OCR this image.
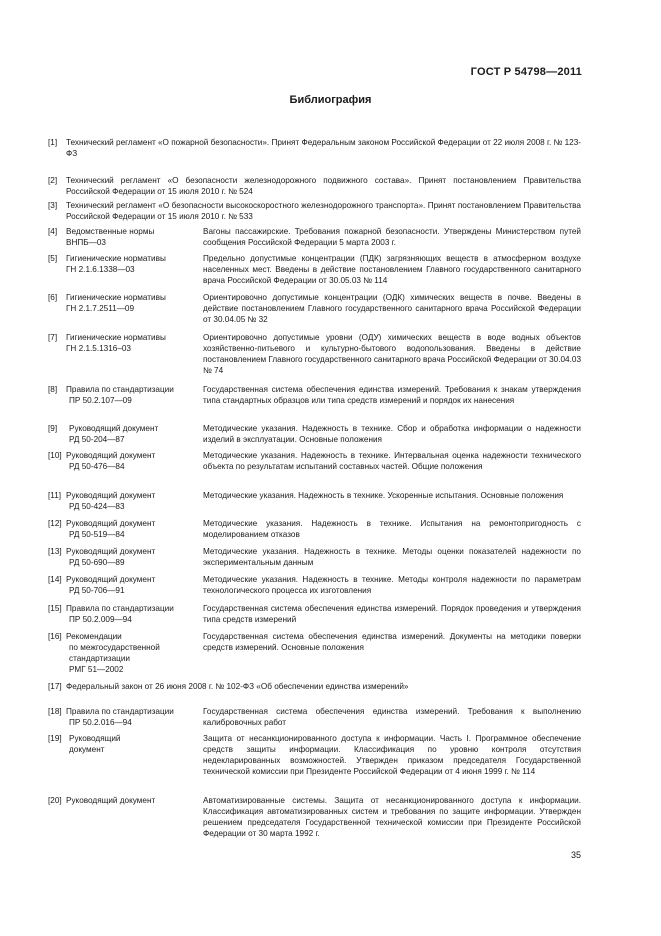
ГОСТ Р 54798—2011
Библиография
[1] Технический регламент «О пожарной безопасности». Принят Федеральным законом Российской Федерации от 22 июля 2008 г. № 123-ФЗ
[2] Технический регламент «О безопасности железнодорожного подвижного состава». Принят постановлением Правительства Российской Федерации от 15 июля 2010 г. № 524
[3] Технический регламент «О безопасности высокоскоростного железнодорожного транспорта». Принят постановлением Правительства Российской Федерации от 15 июля 2010 г. № 533
[4] Ведомственные нормы
ВНПБ—03
Вагоны пассажирские. Требования пожарной безопасности. Утверждены Министерством путей сообщения Российской Федерации 5 марта 2003 г.
[5] Гигиенические нормативы
ГН 2.1.6.1338—03
Предельно допустимые концентрации (ПДК) загрязняющих веществ в атмосферном воздухе населенных мест. Введены в действие постановлением Главного государственного санитарного врача Российской Федерации от 30.05.03 № 114
[6] Гигиенические нормативы
ГН 2.1.7.2511—09
Ориентировочно допустимые концентрации (ОДК) химических веществ в почве. Введены в действие постановлением Главного государственного санитарного врача Российской Федерации от 30.04.05 № 32
[7] Гигиенические нормативы
ГН 2.1.5.1316–03
Ориентировочно допустимые уровни (ОДУ) химических веществ в воде водных объектов хозяйственно-питьевого и культурно-бытового водопользования. Введены в действие постановлением Главного государственного санитарного врача Российской Федерации от 30.04.03 № 74
[8] Правила по стандартизации
ПР 50.2.107—09
Государственная система обеспечения единства измерений. Требования к знакам утверждения типа стандартных образцов или типа средств измерений и порядок их нанесения
[9]	Руководящий документ
РД 50-204—87
Методические указания. Надежность в технике. Сбор и обработка информации о надежности изделий в эксплуатации. Основные положения
[10] Руководящий документ
РД 50-476—84
Методические указания. Надежность в технике. Интервальная оценка надежности технического объекта по результатам испытаний составных частей. Общие положения
[11] Руководящий документ
РД 50-424—83
Методические указания. Надежность в технике. Ускоренные испытания. Основные положения
[12] Руководящий документ
РД 50-519—84
Методические указания. Надежность в технике. Испытания на ремонтопригодность с моделированием отказов
[13] Руководящий документ
РД 50-690—89
Методические указания. Надежность в технике. Методы оценки показателей надежности по экспериментальным данным
[14] Руководящий документ
РД 50-706—91
Методические указания. Надежность в технике. Методы контроля надежности по параметрам технологического процесса их изготовления
[15] Правила по стандартизации
ПР 50.2.009—94
Государственная система обеспечения единства измерений. Порядок проведения и утверждения типа средств измерений
[16] Рекомендации
по межгосударственной
стандартизации
РМГ 51—2002
Государственная система обеспечения единства измерений. Документы на методики поверки средств измерений. Основные положения
[17] Федеральный закон от 26 июня 2008 г. № 102-ФЗ «Об обеспечении единства измерений»
[18] Правила по стандартизации
ПР 50.2.016—94
Государственная система обеспечения единства измерений. Требования к выполнению калибровочных работ
[19] Руководящий
документ
Защита от несанкционированного доступа к информации. Часть I. Программное обеспечение средств защиты информации. Классификация по уровню контроля отсутствия недекларированных возможностей. Утвержден приказом председателя Государственной технической комиссии при Президенте Российской Федерации от 4 июня 1999 г. № 114
[20] Руководящий документ	Автоматизированные системы. Защита от несанкционированного доступа к информации. Классификация автоматизированных систем и требования по защите информации. Утвержден решением председателя Государственной технической комиссии при Президенте Российской Федерации от 30 марта 1992 г.
35
